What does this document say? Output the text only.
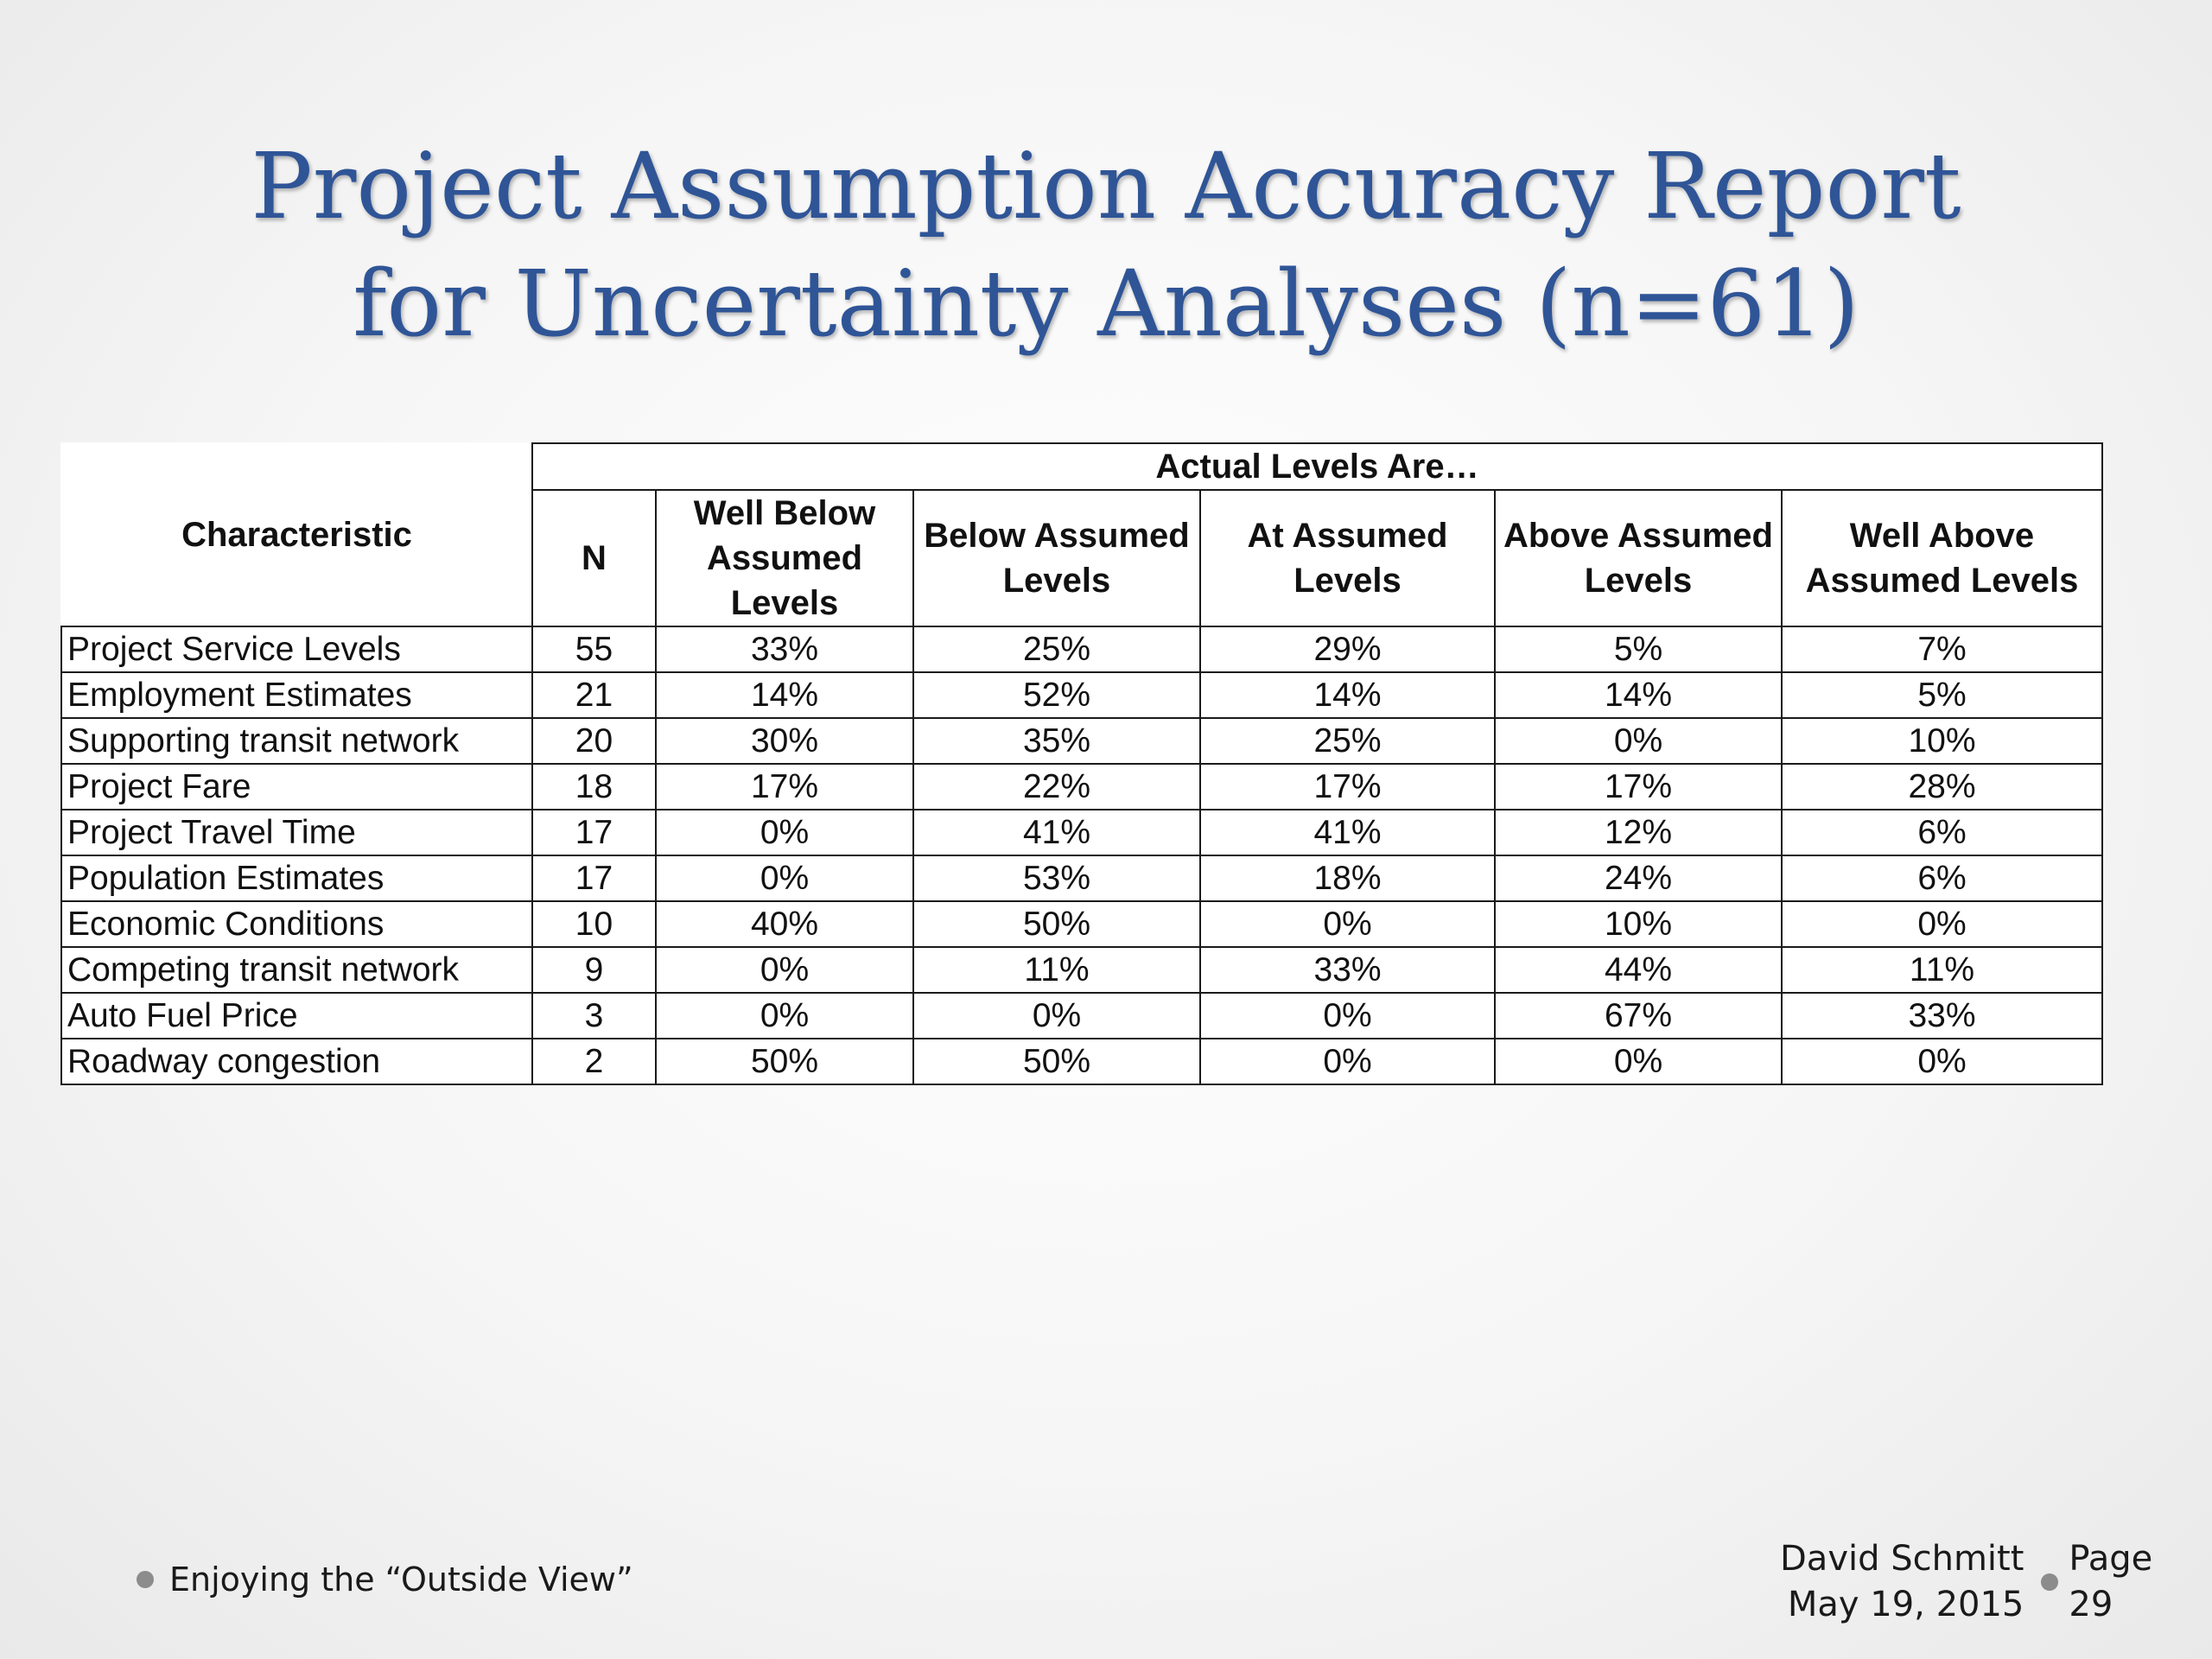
Project Assumption Accuracy Report
for Uncertainty Analyses (n=61)
Characteristic	Actual Levels Are…					
	N	Well Below Assumed Levels	Below Assumed Levels	At Assumed Levels	Above Assumed Levels	Well Above Assumed Levels
Project Service Levels	55	33%	25%	29%	5%	7%
Employment Estimates	21	14%	52%	14%	14%	5%
Supporting transit network	20	30%	35%	25%	0%	10%
Project Fare	18	17%	22%	17%	17%	28%
Project Travel Time	17	0%	41%	41%	12%	6%
Population Estimates	17	0%	53%	18%	24%	6%
Economic Conditions	10	40%	50%	0%	10%	0%
Competing transit network	9	0%	11%	33%	44%	11%
Auto Fuel Price	3	0%	0%	0%	67%	33%
Roadway congestion	2	50%	50%	0%	0%	0%
Enjoying the “Outside View”
David Schmitt
May 19, 2015
Page
29
